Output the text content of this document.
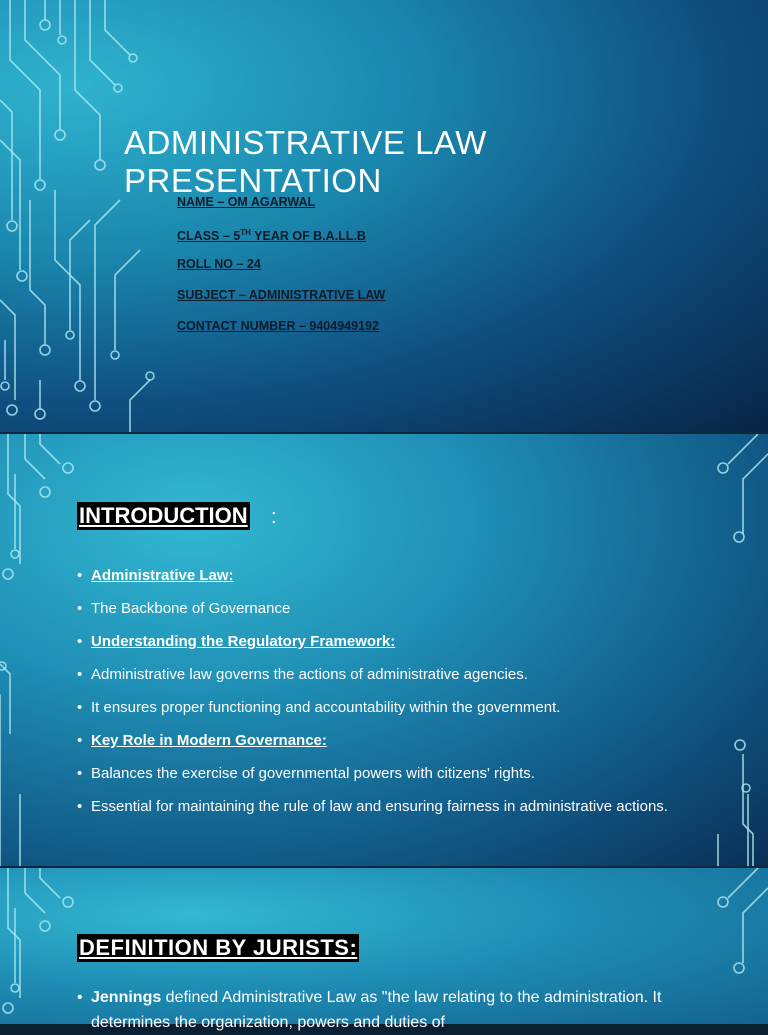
ADMINISTRATIVE LAW PRESENTATION
NAME – OM AGARWAL
CLASS – 5TH YEAR OF B.A.LL.B
ROLL NO – 24
SUBJECT – ADMINISTRATIVE LAW
CONTACT NUMBER – 9404949192
INTRODUCTION :
• Administrative Law:
• The Backbone of Governance
• Understanding the Regulatory Framework:
• Administrative law governs the actions of administrative agencies.
• It ensures proper functioning and accountability within the government.
• Key Role in Modern Governance:
• Balances the exercise of governmental powers with citizens' rights.
• Essential for maintaining the rule of law and ensuring fairness in administrative actions.
DEFINITION BY JURISTS:
• Jennings defined Administrative Law as "the law relating to the administration. It determines the organization, powers and duties of
